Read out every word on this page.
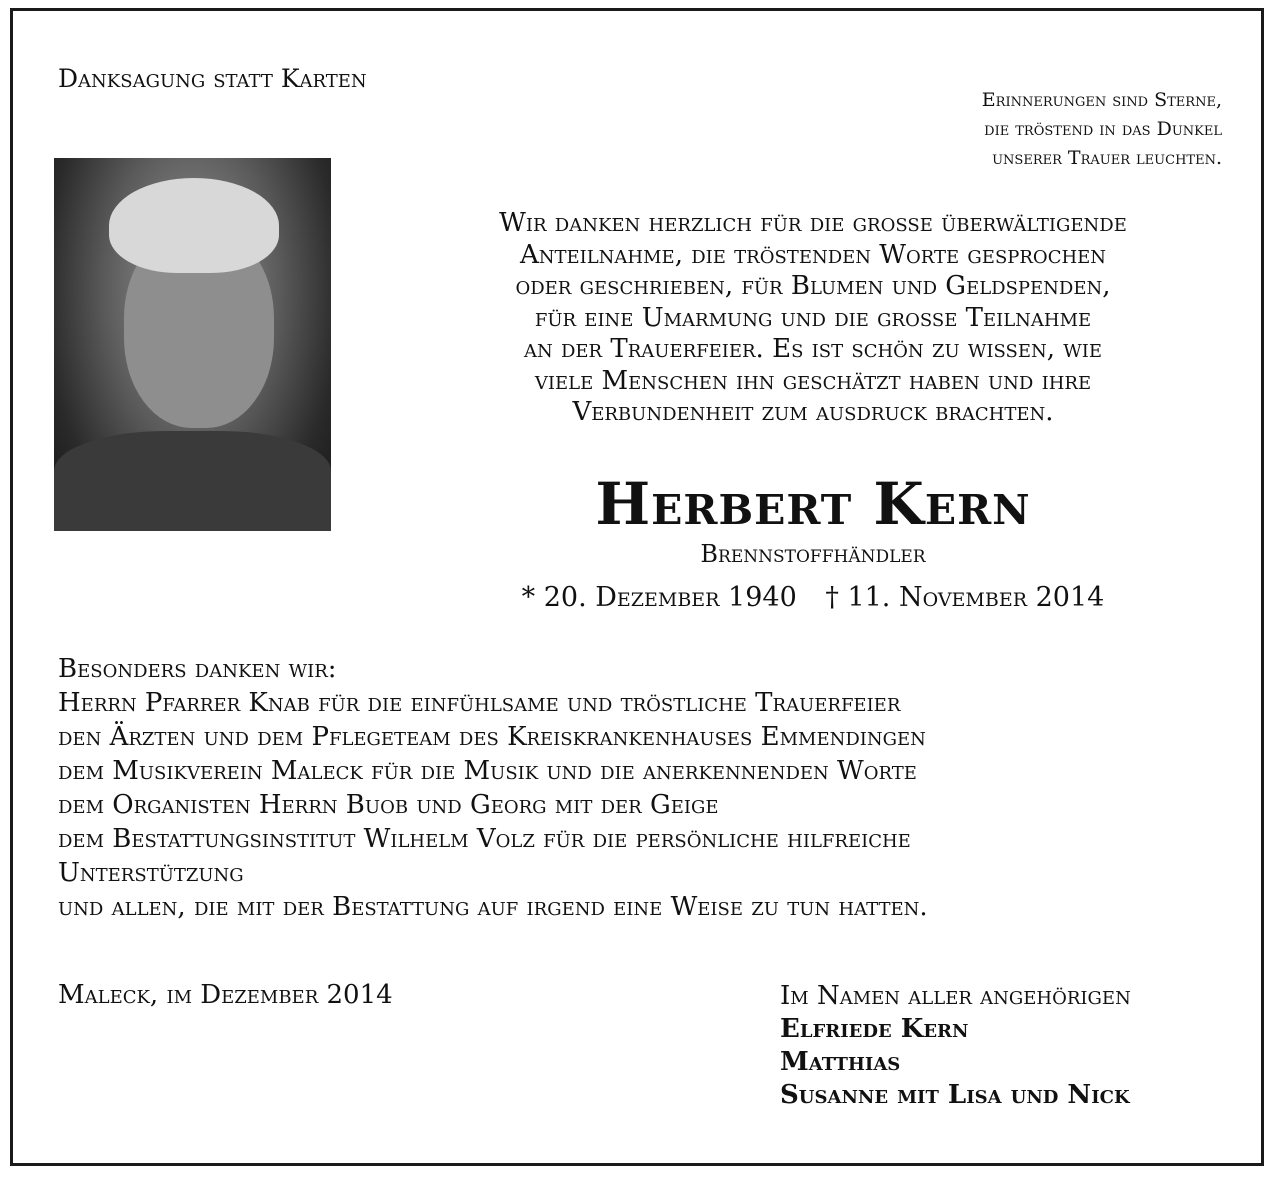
Danksagung statt Karten
Erinnerungen sind Sterne,
die tröstend in das Dunkel
unserer Trauer leuchten.
Wir danken herzlich für die grosse überwältigende
Anteilnahme, die tröstenden Worte gesprochen
oder geschrieben, für Blumen und Geldspenden,
für eine Umarmung und die grosse Teilnahme
an der Trauerfeier. Es ist schön zu wissen, wie
viele Menschen ihn geschätzt haben und ihre
Verbundenheit zum ausdruck brachten.
Herbert Kern
Brennstoffhändler
* 20. Dezember 1940 † 11. November 2014
Besonders danken wir:
Herrn Pfarrer Knab für die einfühlsame und tröstliche Trauerfeier
den Ärzten und dem Pflegeteam des Kreiskrankenhauses Emmendingen
dem Musikverein Maleck für die Musik und die anerkennenden Worte
dem Organisten Herrn Buob und Georg mit der Geige
dem Bestattungsinstitut Wilhelm Volz für die persönliche hilfreiche
Unterstützung
und allen, die mit der Bestattung auf irgend eine Weise zu tun hatten.
Maleck, im Dezember 2014	Im Namen aller angehörigen
Elfriede Kern
Matthias
Susanne mit Lisa und Nick
